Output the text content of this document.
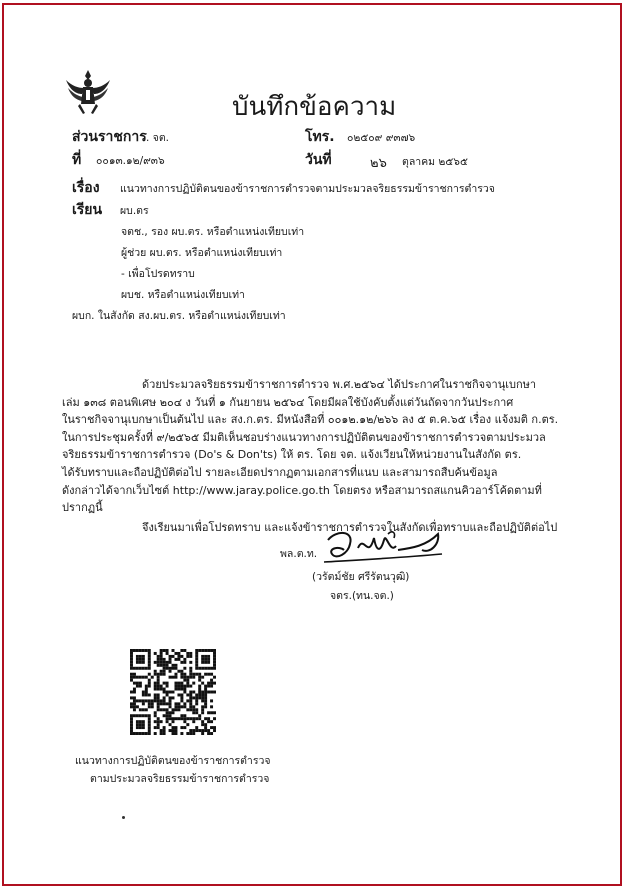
บันทึกข้อความ
ส่วนราชการ . จต.	โทร. ๐๒๕๐๙ ๙๓๗๖
ที่ ๐๐๑๓.๑๒/๙๓๖	วันที่	๒๖ ตุลาคม ๒๕๖๕
เรื่อง แนวทางการปฏิบัติตนของข้าราชการตำรวจตามประมวลจริยธรรมข้าราชการตำรวจ
เรียน ผบ.ตร
จตช., รอง ผบ.ตร. หรือตำแหน่งเทียบเท่า
ผู้ช่วย ผบ.ตร. หรือตำแหน่งเทียบเท่า
- เพื่อโปรดทราบ
ผบช. หรือตำแหน่งเทียบเท่า
ผบก. ในสังกัด สง.ผบ.ตร. หรือตำแหน่งเทียบเท่า
ด้วยประมวลจริยธรรมข้าราชการตำรวจ พ.ศ.๒๕๖๔ ได้ประกาศในราชกิจจานุเบกษา
เล่ม ๑๓๘ ตอนพิเศษ ๒๐๔ ง วันที่ ๑ กันยายน ๒๕๖๔ โดยมีผลใช้บังคับตั้งแต่วันถัดจากวันประกาศ
ในราชกิจจานุเบกษาเป็นต้นไป และ สง.ก.ตร. มีหนังสือที่ ๐๐๑๒.๑๒/๒๖๖ ลง ๕ ต.ค.๖๕ เรื่อง แจ้งมติ ก.ตร.
ในการประชุมครั้งที่ ๙/๒๕๖๕ มีมติเห็นชอบร่างแนวทางการปฏิบัติตนของข้าราชการตำรวจตามประมวล
จริยธรรมข้าราชการตำรวจ (Do's & Don'ts) ให้ ตร. โดย จต. แจ้งเวียนให้หน่วยงานในสังกัด ตร.
ได้รับทราบและถือปฏิบัติต่อไป รายละเอียดปรากฏตามเอกสารที่แนบ และสามารถสืบค้นข้อมูล
ดังกล่าวได้จากเว็บไซต์ http://www.jaray.police.go.th โดยตรง หรือสามารถสแกนคิวอาร์โค้ดตามที่
ปรากฏนี้
จึงเรียนมาเพื่อโปรดทราบ และแจ้งข้าราชการตำรวจในสังกัดเพื่อทราบและถือปฏิบัติต่อไป
พล.ต.ท.
(วรัตม์ชัย ศรีรัตนวุฒิ)
จตร.(ทน.จต.)
แนวทางการปฏิบัติตนของข้าราชการตำรวจ
ตามประมวลจริยธรรมข้าราชการตำรวจ
